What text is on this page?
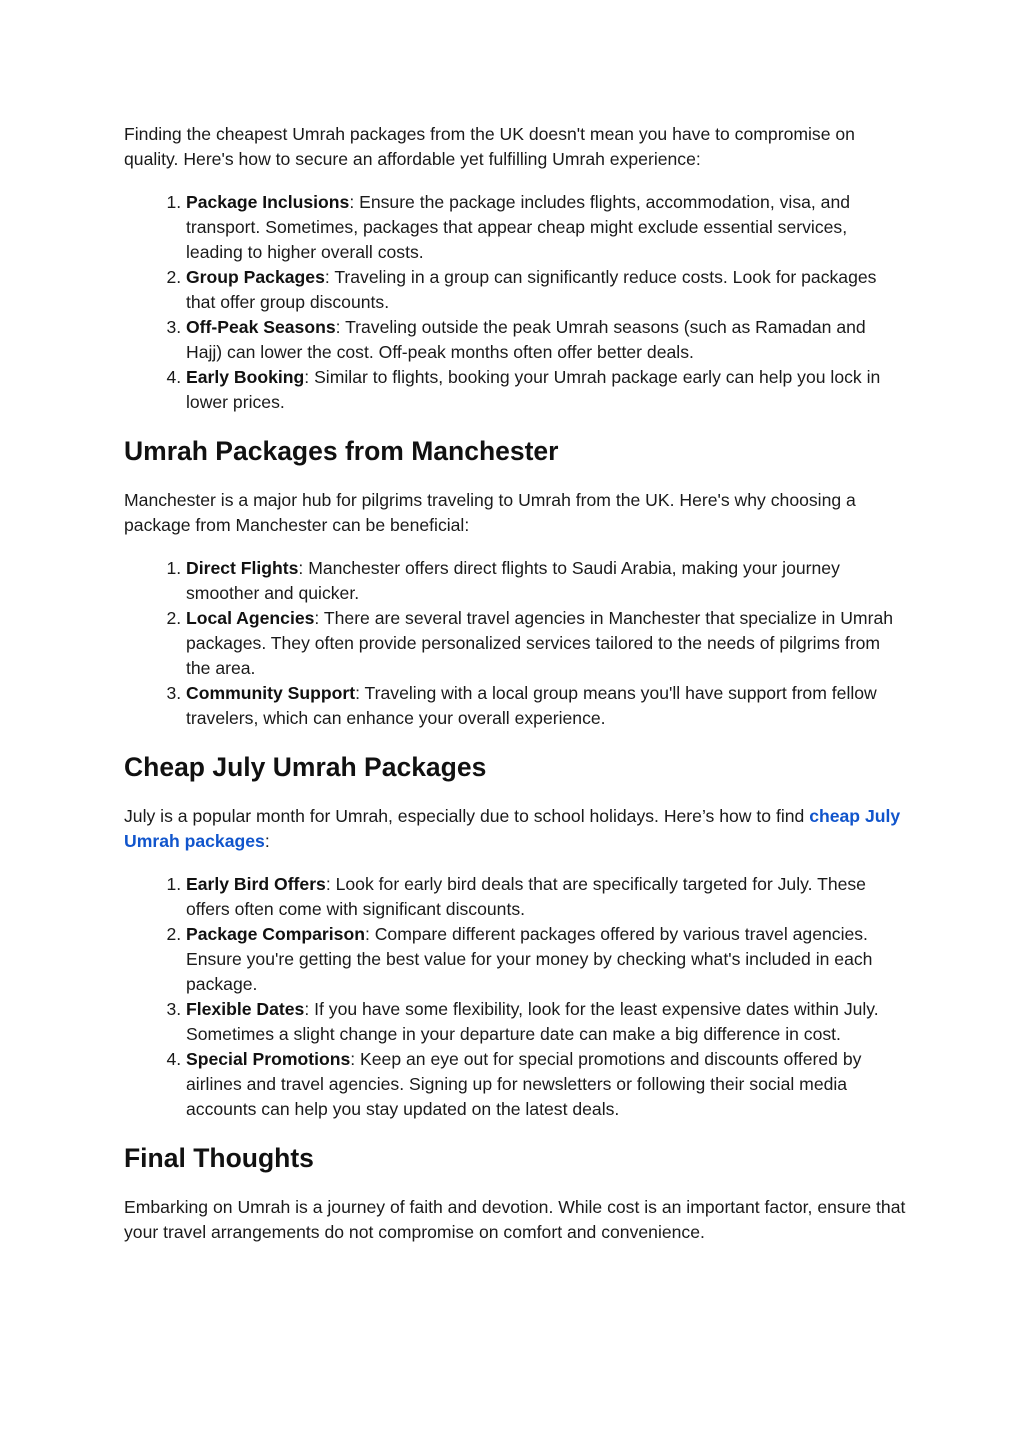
Finding the cheapest Umrah packages from the UK doesn't mean you have to compromise on quality. Here's how to secure an affordable yet fulfilling Umrah experience:

1. Package Inclusions: Ensure the package includes flights, accommodation, visa, and transport. Sometimes, packages that appear cheap might exclude essential services, leading to higher overall costs.
2. Group Packages: Traveling in a group can significantly reduce costs. Look for packages that offer group discounts.
3. Off-Peak Seasons: Traveling outside the peak Umrah seasons (such as Ramadan and Hajj) can lower the cost. Off-peak months often offer better deals.
4. Early Booking: Similar to flights, booking your Umrah package early can help you lock in lower prices.
Umrah Packages from Manchester

Manchester is a major hub for pilgrims traveling to Umrah from the UK. Here's why choosing a package from Manchester can be beneficial:

1. Direct Flights: Manchester offers direct flights to Saudi Arabia, making your journey smoother and quicker.
2. Local Agencies: There are several travel agencies in Manchester that specialize in Umrah packages. They often provide personalized services tailored to the needs of pilgrims from the area.
3. Community Support: Traveling with a local group means you'll have support from fellow travelers, which can enhance your overall experience.
Cheap July Umrah Packages

July is a popular month for Umrah, especially due to school holidays. Here’s how to find cheap July Umrah packages:

1. Early Bird Offers: Look for early bird deals that are specifically targeted for July. These offers often come with significant discounts.
2. Package Comparison: Compare different packages offered by various travel agencies. Ensure you're getting the best value for your money by checking what's included in each package.
3. Flexible Dates: If you have some flexibility, look for the least expensive dates within July. Sometimes a slight change in your departure date can make a big difference in cost.
4. Special Promotions: Keep an eye out for special promotions and discounts offered by airlines and travel agencies. Signing up for newsletters or following their social media accounts can help you stay updated on the latest deals.
Final Thoughts

Embarking on Umrah is a journey of faith and devotion. While cost is an important factor, ensure that your travel arrangements do not compromise on comfort and convenience.
